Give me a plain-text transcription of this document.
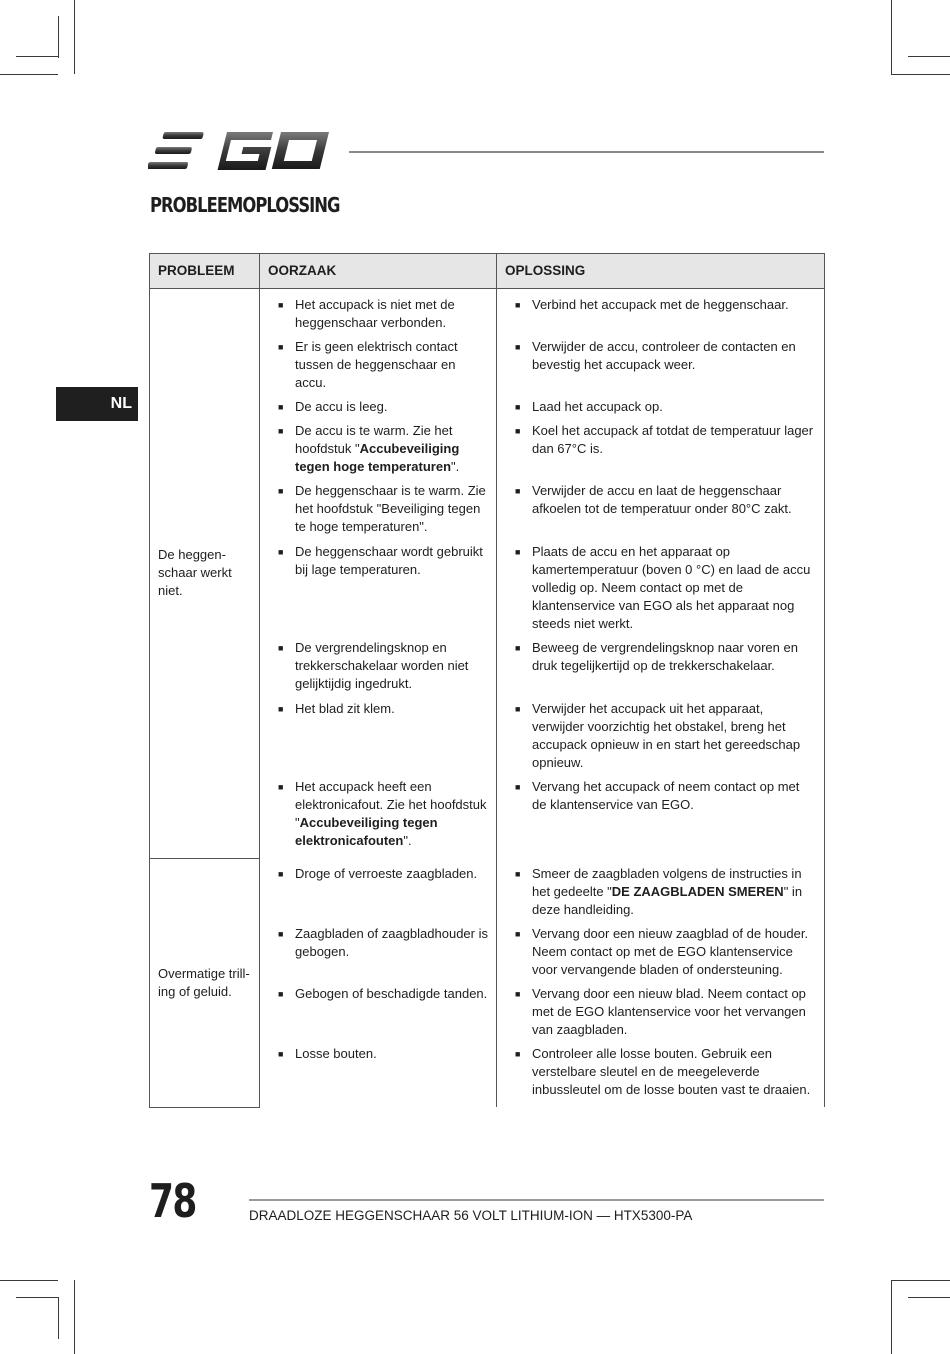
PROBLEEMOPLOSSING
NL
PROBLEEM	OORZAAK	OPLOSSING
De heggen-schaar werkt niet.	■ Het accupack is niet met de heggenschaar verbonden.	■ Verbind het accupack met de heggenschaar.

	■ Er is geen elektrisch contact tussen de heggenschaar en accu.	■ Verwijder de accu, controleer de contacten en bevestig het accupack weer.

	■ De accu is leeg.	■ Laad het accupack op.

	■ De accu is te warm. Zie het hoofdstuk "Accubeveiliging tegen hoge temperaturen".	■ Koel het accupack af totdat de temperatuur lager dan 67°C is.

	■ De heggenschaar is te warm. Zie het hoofdstuk "Beveiliging tegen te hoge temperaturen".	■ Verwijder de accu en laat de heggenschaar afkoelen tot de temperatuur onder 80°C zakt.

	■ De heggenschaar wordt gebruikt bij lage temperaturen.	■ Plaats de accu en het apparaat op kamertemperatuur (boven 0 °C) en laad de accu volledig op. Neem contact op met de klantenservice van EGO als het apparaat nog steeds niet werkt.

	■ De vergrendelingsknop en trekkerschakelaar worden niet gelijktijdig ingedrukt.	■ Beweeg de vergrendelingsknop naar voren en druk tegelijkertijd op de trekkerschakelaar.

	■ Het blad zit klem.	■ Verwijder het accupack uit het apparaat, verwijder voorzichtig het obstakel, breng het accupack opnieuw in en start het gereedschap opnieuw.

	■ Het accupack heeft een elektronicafout. Zie het hoofdstuk "Accubeveiliging tegen elektronicafouten".	■ Vervang het accupack of neem contact op met de klantenservice van EGO.

Overmatige trill-ing of geluid.	■ Droge of verroeste zaagbladen.	■ Smeer de zaagbladen volgens de instructies in het gedeelte "DE ZAAGBLADEN SMEREN" in deze handleiding.

	■ Zaagbladen of zaagbladhouder is gebogen.	■ Vervang door een nieuw zaagblad of de houder. Neem contact op met de EGO klantenservice voor vervangende bladen of ondersteuning.

	■ Gebogen of beschadigde tanden.	■ Vervang door een nieuw blad. Neem contact op met de EGO klantenservice voor het vervangen van zaagbladen.

	■ Losse bouten.	■ Controleer alle losse bouten. Gebruik een verstelbare sleutel en de meegeleverde inbussleutel om de losse bouten vast te draaien.
78	DRAADLOZE HEGGENSCHAAR 56 VOLT LITHIUM-ION — HTX5300-PA
